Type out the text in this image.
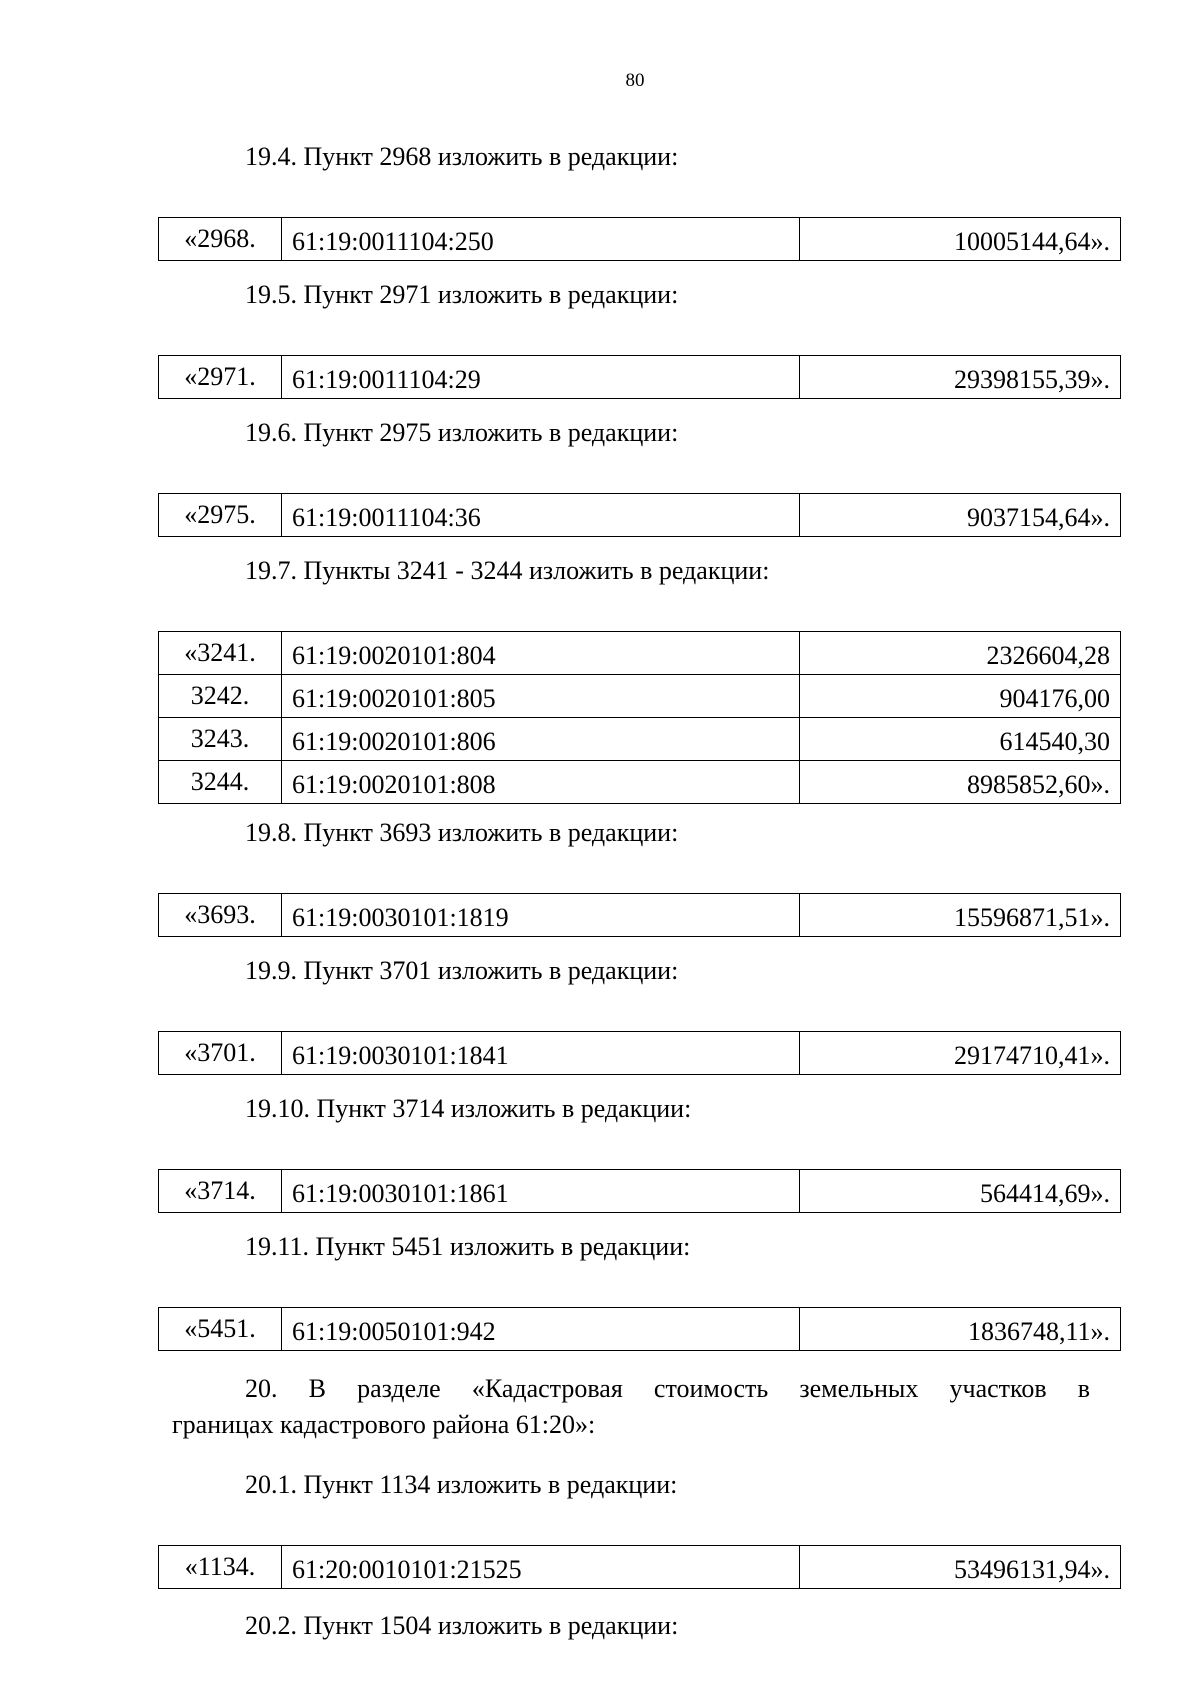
80
19.4. Пункт 2968 изложить в редакции:
«2968.	61:19:0011104:250	10005144,64».
19.5. Пункт 2971 изложить в редакции:
«2971.	61:19:0011104:29	29398155,39».
19.6. Пункт 2975 изложить в редакции:
«2975.	61:19:0011104:36	9037154,64».
19.7. Пункты 3241 - 3244 изложить в редакции:
«3241.	61:19:0020101:804	2326604,28
3242.	61:19:0020101:805	904176,00
3243.	61:19:0020101:806	614540,30
3244.	61:19:0020101:808	8985852,60».
19.8. Пункт 3693 изложить в редакции:
«3693.	61:19:0030101:1819	15596871,51».
19.9. Пункт 3701 изложить в редакции:
«3701.	61:19:0030101:1841	29174710,41».
19.10. Пункт 3714 изложить в редакции:
«3714.	61:19:0030101:1861	564414,69».
19.11. Пункт 5451 изложить в редакции:
«5451.	61:19:0050101:942	1836748,11».
20. В разделе «Кадастровая стоимость земельных участков в
границах кадастрового района 61:20»:
20.1. Пункт 1134 изложить в редакции:
«1134.	61:20:0010101:21525	53496131,94».
20.2. Пункт 1504 изложить в редакции:
